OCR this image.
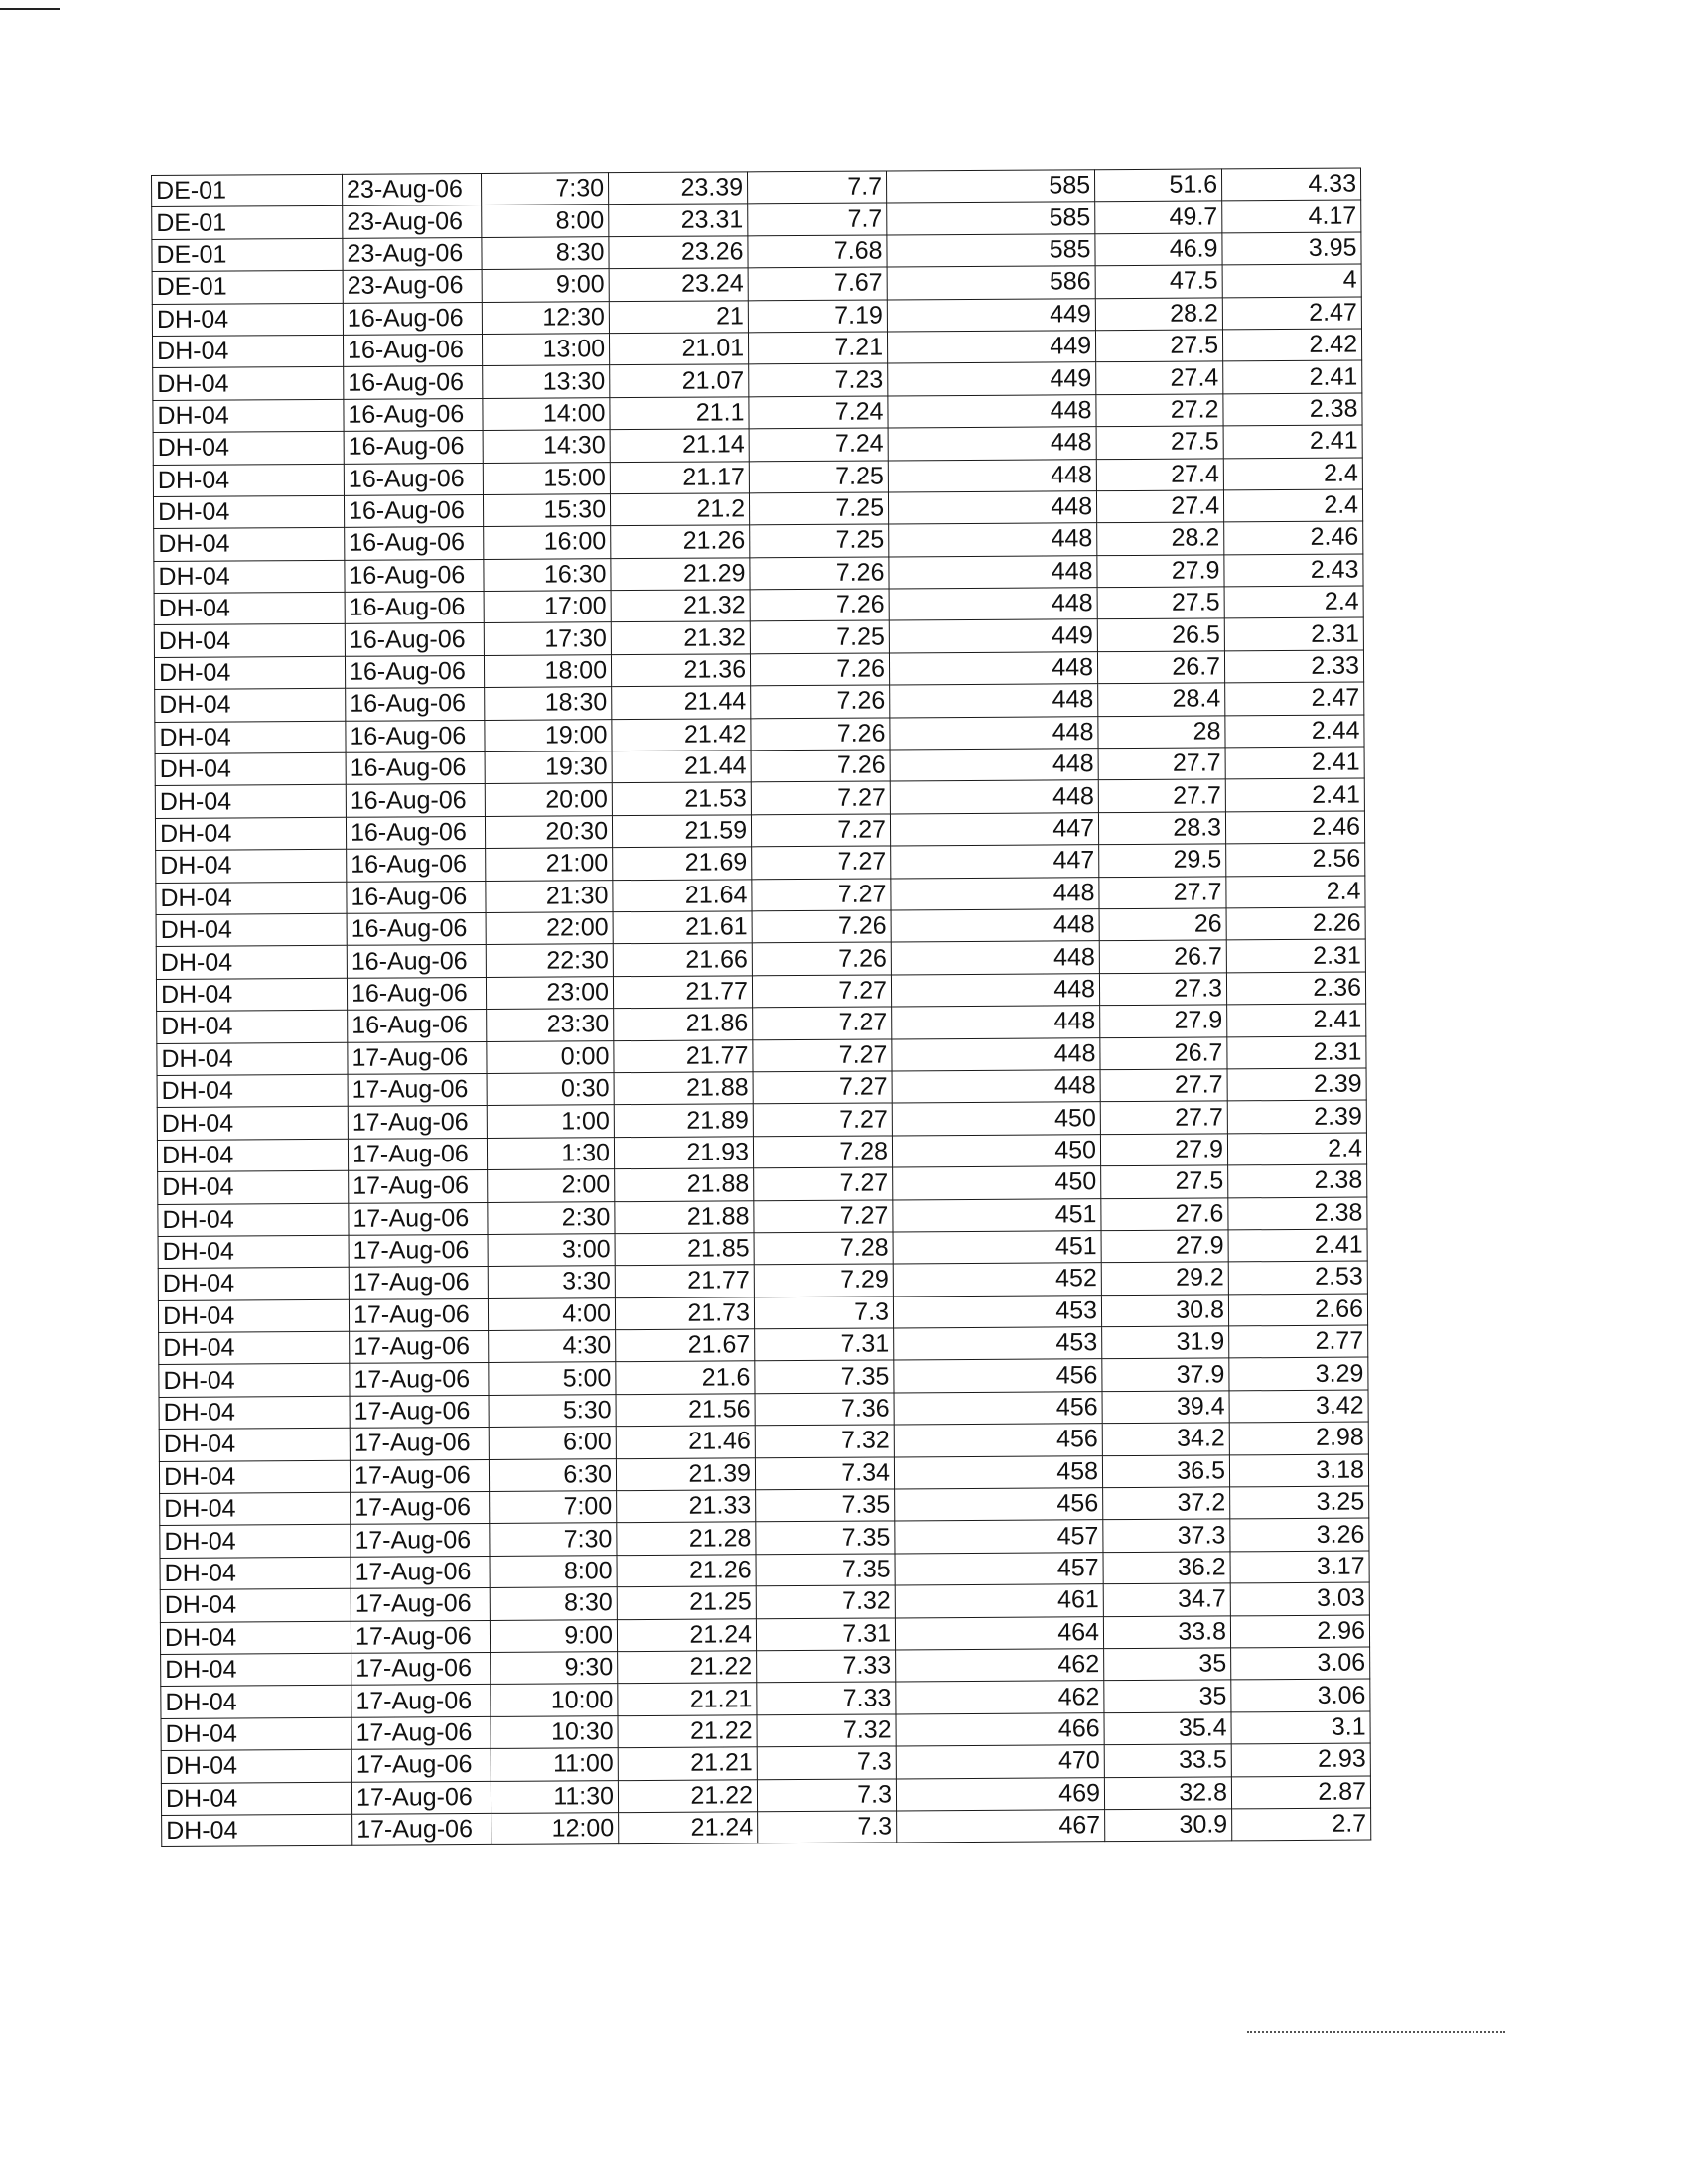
DE-01	23-Aug-06	7:30	23.39	7.7	585	51.6	4.33
DE-01	23-Aug-06	8:00	23.31	7.7	585	49.7	4.17
DE-01	23-Aug-06	8:30	23.26	7.68	585	46.9	3.95
DE-01	23-Aug-06	9:00	23.24	7.67	586	47.5	4
DH-04	16-Aug-06	12:30	21	7.19	449	28.2	2.47
DH-04	16-Aug-06	13:00	21.01	7.21	449	27.5	2.42
DH-04	16-Aug-06	13:30	21.07	7.23	449	27.4	2.41
DH-04	16-Aug-06	14:00	21.1	7.24	448	27.2	2.38
DH-04	16-Aug-06	14:30	21.14	7.24	448	27.5	2.41
DH-04	16-Aug-06	15:00	21.17	7.25	448	27.4	2.4
DH-04	16-Aug-06	15:30	21.2	7.25	448	27.4	2.4
DH-04	16-Aug-06	16:00	21.26	7.25	448	28.2	2.46
DH-04	16-Aug-06	16:30	21.29	7.26	448	27.9	2.43
DH-04	16-Aug-06	17:00	21.32	7.26	448	27.5	2.4
DH-04	16-Aug-06	17:30	21.32	7.25	449	26.5	2.31
DH-04	16-Aug-06	18:00	21.36	7.26	448	26.7	2.33
DH-04	16-Aug-06	18:30	21.44	7.26	448	28.4	2.47
DH-04	16-Aug-06	19:00	21.42	7.26	448	28	2.44
DH-04	16-Aug-06	19:30	21.44	7.26	448	27.7	2.41
DH-04	16-Aug-06	20:00	21.53	7.27	448	27.7	2.41
DH-04	16-Aug-06	20:30	21.59	7.27	447	28.3	2.46
DH-04	16-Aug-06	21:00	21.69	7.27	447	29.5	2.56
DH-04	16-Aug-06	21:30	21.64	7.27	448	27.7	2.4
DH-04	16-Aug-06	22:00	21.61	7.26	448	26	2.26
DH-04	16-Aug-06	22:30	21.66	7.26	448	26.7	2.31
DH-04	16-Aug-06	23:00	21.77	7.27	448	27.3	2.36
DH-04	16-Aug-06	23:30	21.86	7.27	448	27.9	2.41
DH-04	17-Aug-06	0:00	21.77	7.27	448	26.7	2.31
DH-04	17-Aug-06	0:30	21.88	7.27	448	27.7	2.39
DH-04	17-Aug-06	1:00	21.89	7.27	450	27.7	2.39
DH-04	17-Aug-06	1:30	21.93	7.28	450	27.9	2.4
DH-04	17-Aug-06	2:00	21.88	7.27	450	27.5	2.38
DH-04	17-Aug-06	2:30	21.88	7.27	451	27.6	2.38
DH-04	17-Aug-06	3:00	21.85	7.28	451	27.9	2.41
DH-04	17-Aug-06	3:30	21.77	7.29	452	29.2	2.53
DH-04	17-Aug-06	4:00	21.73	7.3	453	30.8	2.66
DH-04	17-Aug-06	4:30	21.67	7.31	453	31.9	2.77
DH-04	17-Aug-06	5:00	21.6	7.35	456	37.9	3.29
DH-04	17-Aug-06	5:30	21.56	7.36	456	39.4	3.42
DH-04	17-Aug-06	6:00	21.46	7.32	456	34.2	2.98
DH-04	17-Aug-06	6:30	21.39	7.34	458	36.5	3.18
DH-04	17-Aug-06	7:00	21.33	7.35	456	37.2	3.25
DH-04	17-Aug-06	7:30	21.28	7.35	457	37.3	3.26
DH-04	17-Aug-06	8:00	21.26	7.35	457	36.2	3.17
DH-04	17-Aug-06	8:30	21.25	7.32	461	34.7	3.03
DH-04	17-Aug-06	9:00	21.24	7.31	464	33.8	2.96
DH-04	17-Aug-06	9:30	21.22	7.33	462	35	3.06
DH-04	17-Aug-06	10:00	21.21	7.33	462	35	3.06
DH-04	17-Aug-06	10:30	21.22	7.32	466	35.4	3.1
DH-04	17-Aug-06	11:00	21.21	7.3	470	33.5	2.93
DH-04	17-Aug-06	11:30	21.22	7.3	469	32.8	2.87
DH-04	17-Aug-06	12:00	21.24	7.3	467	30.9	2.7
